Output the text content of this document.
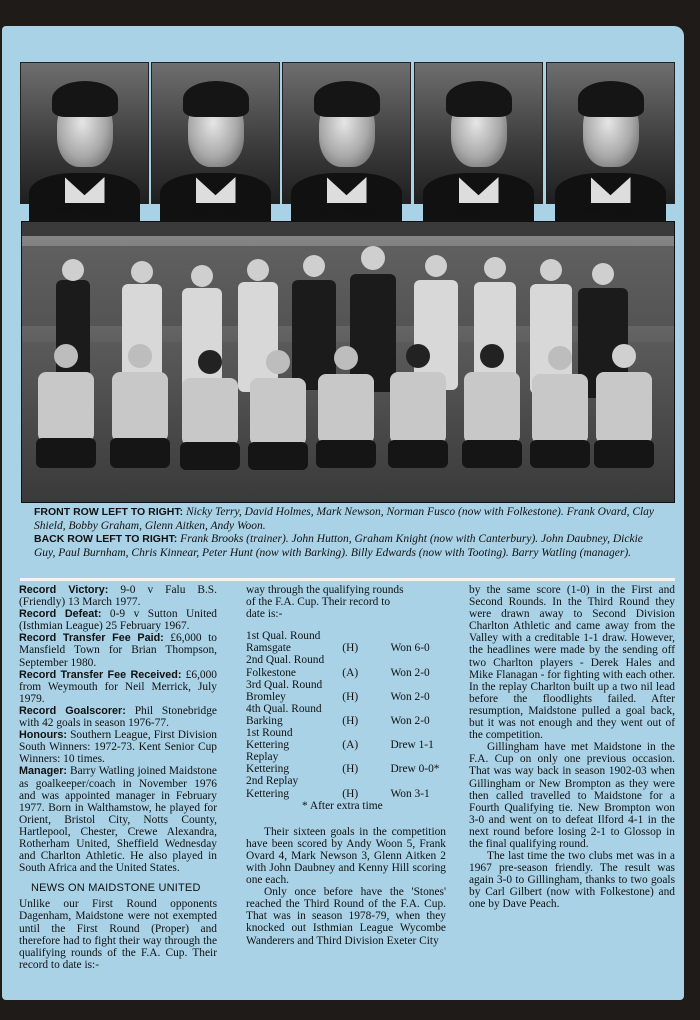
Dave Wiltshire	Glenn Aitken	Barry Watling	Kenny Hill	John Hutton
FRONT ROW LEFT TO RIGHT: Nicky Terry, David Holmes, Mark Newson, Norman Fusco (now with Folkestone). Frank Ovard, Clay Shield, Bobby Graham, Glenn Aitken, Andy Woon.
BACK ROW LEFT TO RIGHT: Frank Brooks (trainer). John Hutton, Graham Knight (now with Canterbury). John Daubney, Dickie Guy, Paul Burnham, Chris Kinnear, Peter Hunt (now with Barking). Billy Edwards (now with Tooting). Barry Watling (manager).

Record Victory: 9-0 v Falu B.S. (Friendly) 13 March 1977.

Record Defeat: 0-9 v Sutton United (Isthmian League) 25 February 1967.

Record Transfer Fee Paid: £6,000 to Mansfield Town for Brian Thompson, September 1980.

Record Transfer Fee Received: £6,000 from Weymouth for Neil Merrick, July 1979.

Record Goalscorer: Phil Stonebridge with 42 goals in season 1976-77.

Honours: Southern League, First Division South Winners: 1972-73. Kent Senior Cup Winners: 10 times.

Manager: Barry Watling joined Maidstone as goalkeeper/coach in November 1976 and was appointed manager in February 1977. Born in Walthamstow, he played for Orient, Bristol City, Notts County, Hartlepool, Chester, Crewe Alexandra, Rotherham United, Sheffield Wednesday and Charlton Athletic. He also played in South Africa and the United States.

NEWS ON MAIDSTONE UNITED

Unlike our First Round opponents Dagenham, Maidstone were not exempted until the First Round (Proper) and therefore had to fight their way through the qualifying rounds of the F.A. Cup. Their record to date is:-

way through the qualifying rounds
of the F.A. Cup. Their record to
date is:-

1st Qual. Round
Ramsgate	(H)	Won 6-0
2nd Qual. Round
Folkestone	(A)	Won 2-0
3rd Qual. Round
Bromley	(H)	Won 2-0
4th Qual. Round
Barking	(H)	Won 2-0
1st Round
Kettering	(A)	Drew 1-1
Replay
Kettering	(H)	Drew 0-0*
2nd Replay
Kettering	(H)	Won 3-1

* After extra time

Their sixteen goals in the competition have been scored by Andy Woon 5, Frank Ovard 4, Mark Newson 3, Glenn Aitken 2 with John Daubney and Kenny Hill scoring one each.

Only once before have the 'Stones' reached the Third Round of the F.A. Cup. That was in season 1978-79, when they knocked out Isthmian League Wycombe Wanderers and Third Division Exeter City

by the same score (1-0) in the First and Second Rounds. In the Third Round they were drawn away to Second Division Charlton Athletic and came away from the Valley with a creditable 1-1 draw. However, the headlines were made by the sending off two Charlton players - Derek Hales and Mike Flanagan - for fighting with each other. In the replay Charlton built up a two nil lead before the floodlights failed. After resumption, Maidstone pulled a goal back, but it was not enough and they went out of the competition.

Gillingham have met Maidstone in the F.A. Cup on only one previous occasion. That was way back in season 1902-03 when Gillingham or New Brompton as they were then called travelled to Maidstone for a Fourth Qualifying tie. New Brompton won 3-0 and went on to defeat Ilford 4-1 in the next round before losing 2-1 to Glossop in the final qualifying round.

The last time the two clubs met was in a 1967 pre-season friendly. The result was again 3-0 to Gillingham, thanks to two goals by Carl Gilbert (now with Folkestone) and one by Dave Peach.
